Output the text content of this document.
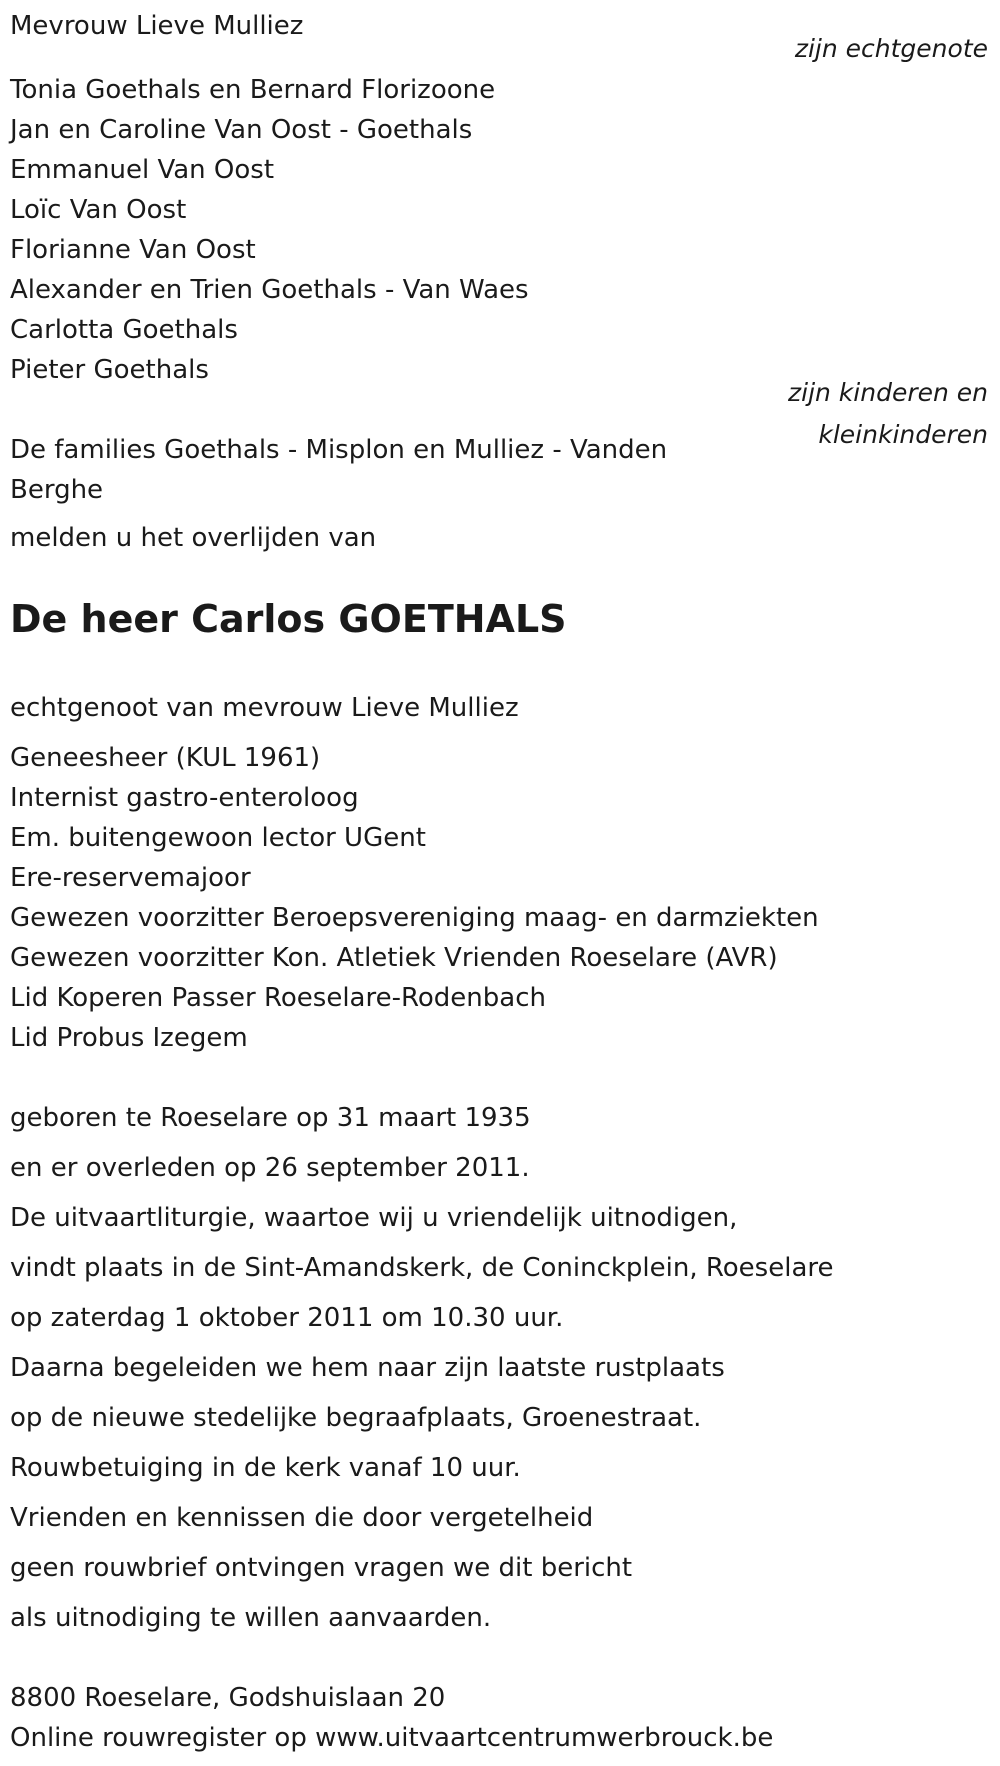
Mevrouw Lieve Mulliez
zijn echtgenote
Tonia Goethals en Bernard Florizoone
Jan en Caroline Van Oost - Goethals
Emmanuel Van Oost
Loïc Van Oost
Florianne Van Oost
Alexander en Trien Goethals - Van Waes
Carlotta Goethals
Pieter Goethals
zijn kinderen en
kleinkinderen
De families Goethals - Misplon en Mulliez - Vanden
Berghe
melden u het overlijden van
De heer Carlos GOETHALS
echtgenoot van mevrouw Lieve Mulliez
Geneesheer (KUL 1961)
Internist gastro-enteroloog
Em. buitengewoon lector UGent
Ere-reservemajoor
Gewezen voorzitter Beroepsvereniging maag- en darmziekten
Gewezen voorzitter Kon. Atletiek Vrienden Roeselare (AVR)
Lid Koperen Passer Roeselare-Rodenbach
Lid Probus Izegem
geboren te Roeselare op 31 maart 1935
en er overleden op 26 september 2011.
De uitvaartliturgie, waartoe wij u vriendelijk uitnodigen,
vindt plaats in de Sint-Amandskerk, de Coninckplein, Roeselare
op zaterdag 1 oktober 2011 om 10.30 uur.
Daarna begeleiden we hem naar zijn laatste rustplaats
op de nieuwe stedelijke begraafplaats, Groenestraat.
Rouwbetuiging in de kerk vanaf 10 uur.
Vrienden en kennissen die door vergetelheid
geen rouwbrief ontvingen vragen we dit bericht
als uitnodiging te willen aanvaarden.
8800 Roeselare, Godshuislaan 20
Online rouwregister op www.uitvaartcentrumwerbrouck.be
